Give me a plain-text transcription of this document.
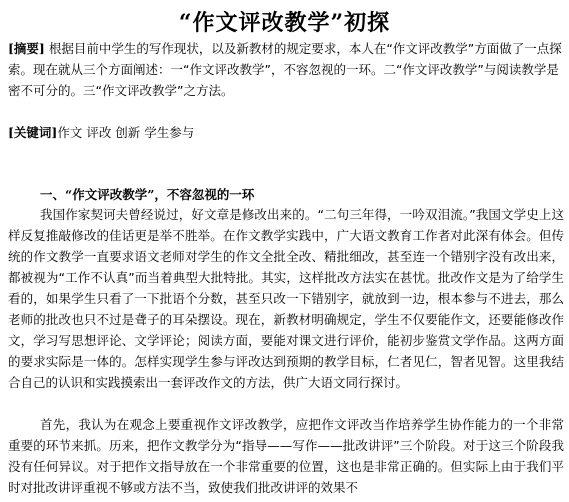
“作文评改教学”初探
[摘要] 根据目前中学生的写作现状，以及新教材的规定要求，本人在“作文评改教学”方面做了一点探索。现在就从三个方面阐述：一“作文评改教学”，不容忽视的一环。二“作文评改教学”与阅读教学是密不可分的。三“作文评改教学”之方法。
[关键词]作文 评改 创新 学生参与
一、“作文评改教学”，不容忽视的一环
我国作家契诃夫曾经说过，好文章是修改出来的。“二句三年得，一吟双泪流。”我国文学史上这样反复推敲修改的佳话更是举不胜举。在作文教学实践中，广大语文教育工作者对此深有体会。但传统的作文教学一直要求语文老师对学生的作文全批全改、精批细改，甚至连一个错别字没有改出来，都被视为“工作不认真”而当着典型大批特批。其实，这样批改方法实在甚忧。批改作文是为了给学生看的，如果学生只看了一下批语个分数，甚至只改一下错别字，就放到一边，根本参与不进去，那么老师的批改也只不过是聋子的耳朵摆设。现在，新教材明确规定，学生不仅要能作文，还要能修改作文，学习写思想评论、文学评论；阅读方面，要能对课文进行评价，能初步鉴赏文学作品。这两方面的要求实际是一体的。怎样实现学生参与评改达到预期的教学目标，仁者见仁，智者见智。这里我结合自己的认识和实践摸索出一套评改作文的方法，供广大语文同行探讨。
首先，我认为在观念上要重视作文评改教学，应把作文评改当作培养学生协作能力的一个非常重要的环节来抓。历来，把作文教学分为“指导——写作——批改讲评”三个阶段。对于这三个阶段我没有任何异议。对于把作文指导放在一个非常重要的位置，这也是非常正确的。但实际上由于我们平时对批改讲评重视不够或方法不当，致使我们批改讲评的效果不
